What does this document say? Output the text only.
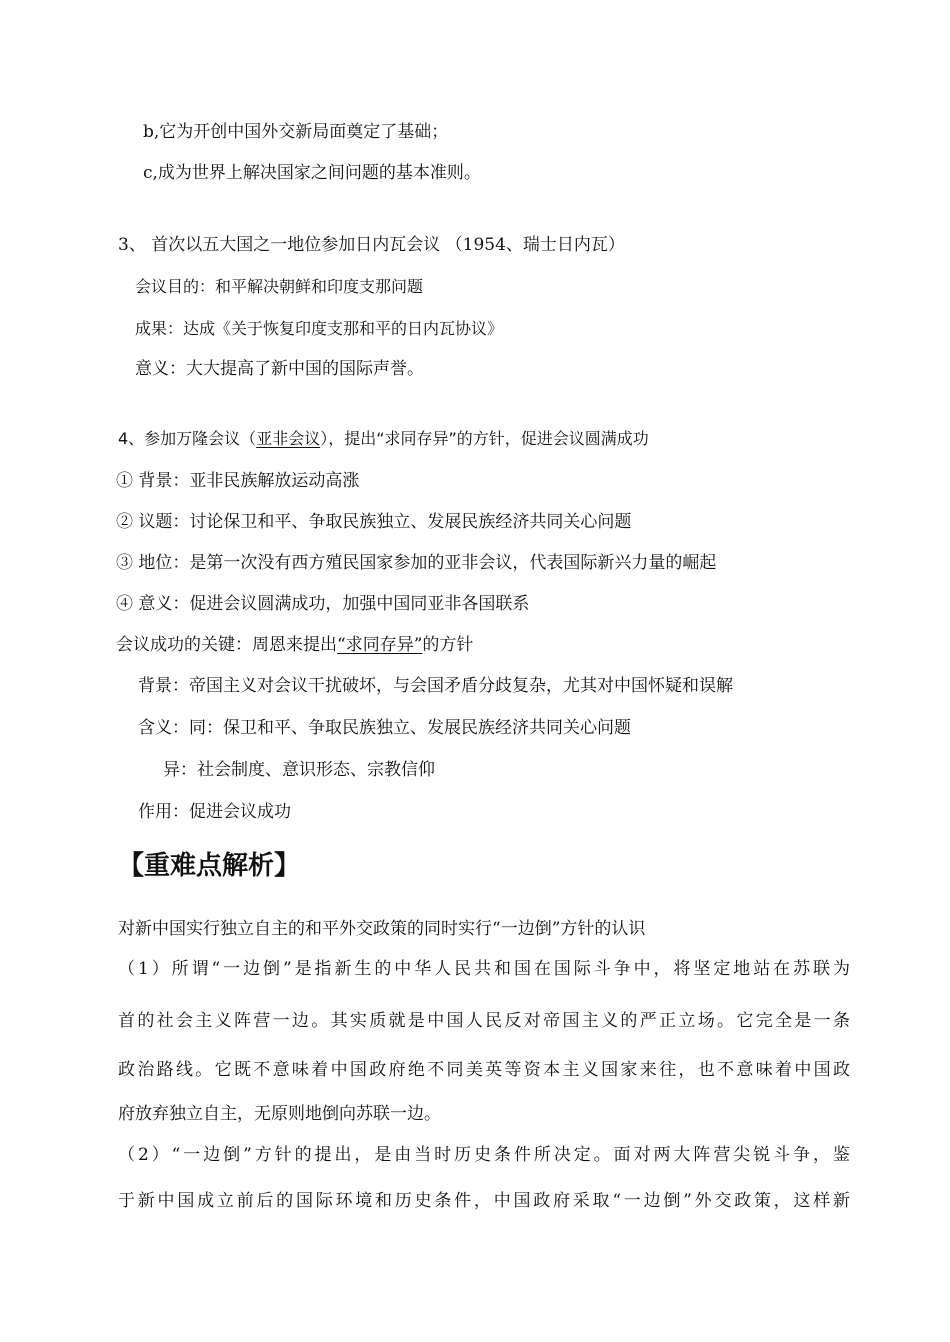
b,它为开创中国外交新局面奠定了基础；
c,成为世界上解决国家之间问题的基本准则。
3、 首次以五大国之一地位参加日内瓦会议 （1954、瑞士日内瓦）
会议目的：和平解决朝鲜和印度支那问题
成果：达成《关于恢复印度支那和平的日内瓦协议》
意义：大大提高了新中国的国际声誉。
4、参加万隆会议（亚非会议），提出“求同存异”的方针，促进会议圆满成功
① 背景：亚非民族解放运动高涨
② 议题：讨论保卫和平、争取民族独立、发展民族经济共同关心问题
③ 地位：是第一次没有西方殖民国家参加的亚非会议，代表国际新兴力量的崛起
④ 意义：促进会议圆满成功，加强中国同亚非各国联系
会议成功的关键：周恩来提出“求同存异”的方针
背景：帝国主义对会议干扰破坏，与会国矛盾分歧复杂，尤其对中国怀疑和误解
含义：同：保卫和平、争取民族独立、发展民族经济共同关心问题
异：社会制度、意识形态、宗教信仰
作用：促进会议成功
【重难点解析】
对新中国实行独立自主的和平外交政策的同时实行“一边倒”方针的认识
（1）所谓“一边倒”是指新生的中华人民共和国在国际斗争中，将坚定地站在苏联为
首的社会主义阵营一边。其实质就是中国人民反对帝国主义的严正立场。它完全是一条
政治路线。它既不意味着中国政府绝不同美英等资本主义国家来往，也不意味着中国政
府放弃独立自主，无原则地倒向苏联一边。
（2）“一边倒”方针的提出，是由当时历史条件所决定。面对两大阵营尖锐斗争，鉴
于新中国成立前后的国际环境和历史条件，中国政府采取“一边倒”外交政策，这样新
